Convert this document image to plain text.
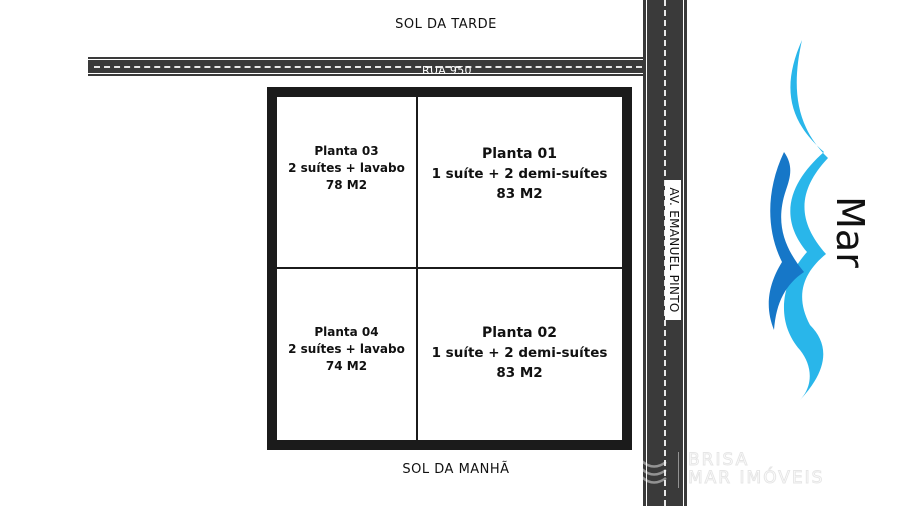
SOL DA TARDE
RUA 950
AV. EMANUEL PINTO
Planta 03
2 suítes + lavabo
78 M2
Planta 01
1 suíte + 2 demi-suítes
83 M2
Planta 04
2 suítes + lavabo
74 M2
Planta 02
1 suíte + 2 demi-suítes
83 M2
SOL DA MANHÃ
Mar
BRISA
MAR IMÓVEIS
